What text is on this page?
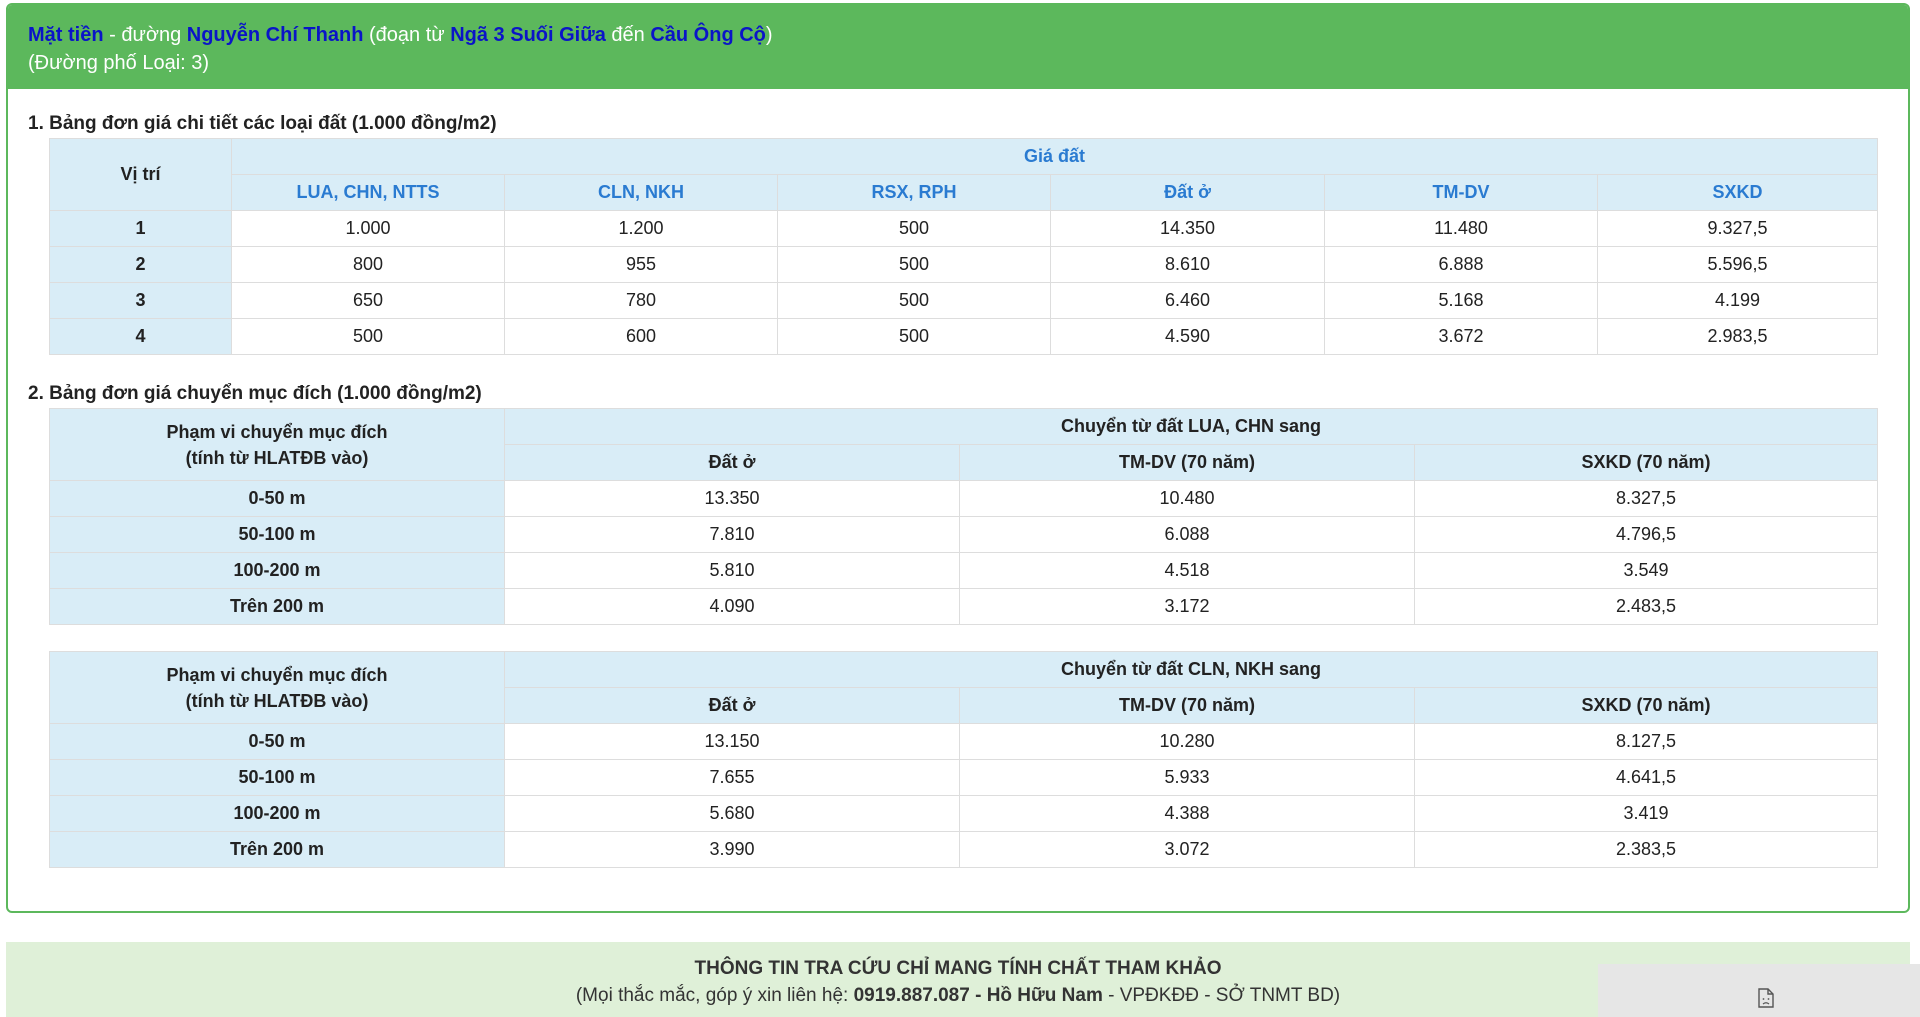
Mặt tiền - đường Nguyễn Chí Thanh (đoạn từ Ngã 3 Suối Giữa đến Cầu Ông Cộ)
(Đường phố Loại: 3)
1. Bảng đơn giá chi tiết các loại đất (1.000 đồng/m2)
Vị trí	Giá đất					
	LUA, CHN, NTTS	CLN, NKH	RSX, RPH	Đất ở	TM-DV	SXKD
1	1.000	1.200	500	14.350	11.480	9.327,5
2	800	955	500	8.610	6.888	5.596,5
3	650	780	500	6.460	5.168	4.199
4	500	600	500	4.590	3.672	2.983,5
2. Bảng đơn giá chuyển mục đích (1.000 đồng/m2)
Phạm vi chuyển mục đích
(tính từ HLATĐB vào)	Chuyển từ đất LUA, CHN sang		
	Đất ở	TM-DV (70 năm)	SXKD (70 năm)
0-50 m	13.350	10.480	8.327,5
50-100 m	7.810	6.088	4.796,5
100-200 m	5.810	4.518	3.549
Trên 200 m	4.090	3.172	2.483,5
Phạm vi chuyển mục đích
(tính từ HLATĐB vào)	Chuyển từ đất CLN, NKH sang		
	Đất ở	TM-DV (70 năm)	SXKD (70 năm)
0-50 m	13.150	10.280	8.127,5
50-100 m	7.655	5.933	4.641,5
100-200 m	5.680	4.388	3.419
Trên 200 m	3.990	3.072	2.383,5
THÔNG TIN TRA CỨU CHỈ MANG TÍNH CHẤT THAM KHẢO
(Mọi thắc mắc, góp ý xin liên hệ: 0919.887.087 - Hồ Hữu Nam - VPĐKĐĐ - SỞ TNMT BD)
